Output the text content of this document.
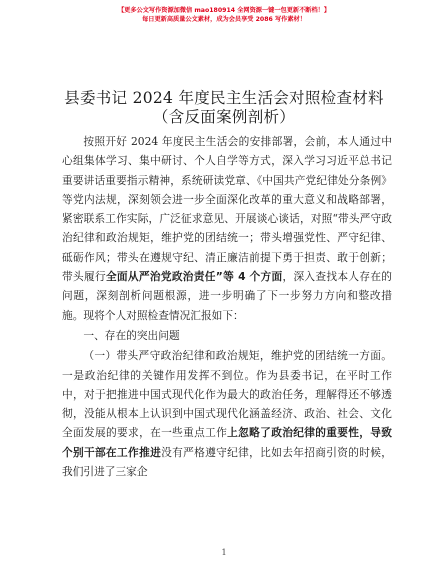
【更多公文写作资源加微信 mao180914 全网资源一键一包更新不断档！】
每日更新高质量公文素材，成为会员享受 2086 写作素材！
县委书记 2024 年度民主生活会对照检查材料
（含反面案例剖析）

按照开好 2024 年度民主生活会的安排部署，会前，本人通过中心组集体学习、集中研讨、个人自学等方式，深入学习习近平总书记重要讲话重要指示精神，系统研读党章、《中国共产党纪律处分条例》等党内法规，深刻领会进一步全面深化改革的重大意义和战略部署，紧密联系工作实际，广泛征求意见、开展谈心谈话，对照“带头严守政治纪律和政治规矩，维护党的团结统一；带头增强党性、严守纪律、砥砺作风；带头在遵规守纪、清正廉洁前提下勇于担责、敢于创新；带头履行全面从严治党政治责任”等 4 个方面，深入查找本人存在的问题，深刻剖析问题根源，进一步明确了下一步努力方向和整改措施。现将个人对照检查情况汇报如下：

一、存在的突出问题

（一）带头严守政治纪律和政治规矩，维护党的团结统一方面。一是政治纪律的关键作用发挥不到位。作为县委书记，在平时工作中，对于把推进中国式现代化作为最大的政治任务，理解得还不够透彻，没能从根本上认识到中国式现代化涵盖经济、政治、社会、文化全面发展的要求，在一些重点工作上忽略了政治纪律的重要性，导致个别干部在工作推进没有严格遵守纪律，比如去年招商引资的时候，我们引进了三家企

1
